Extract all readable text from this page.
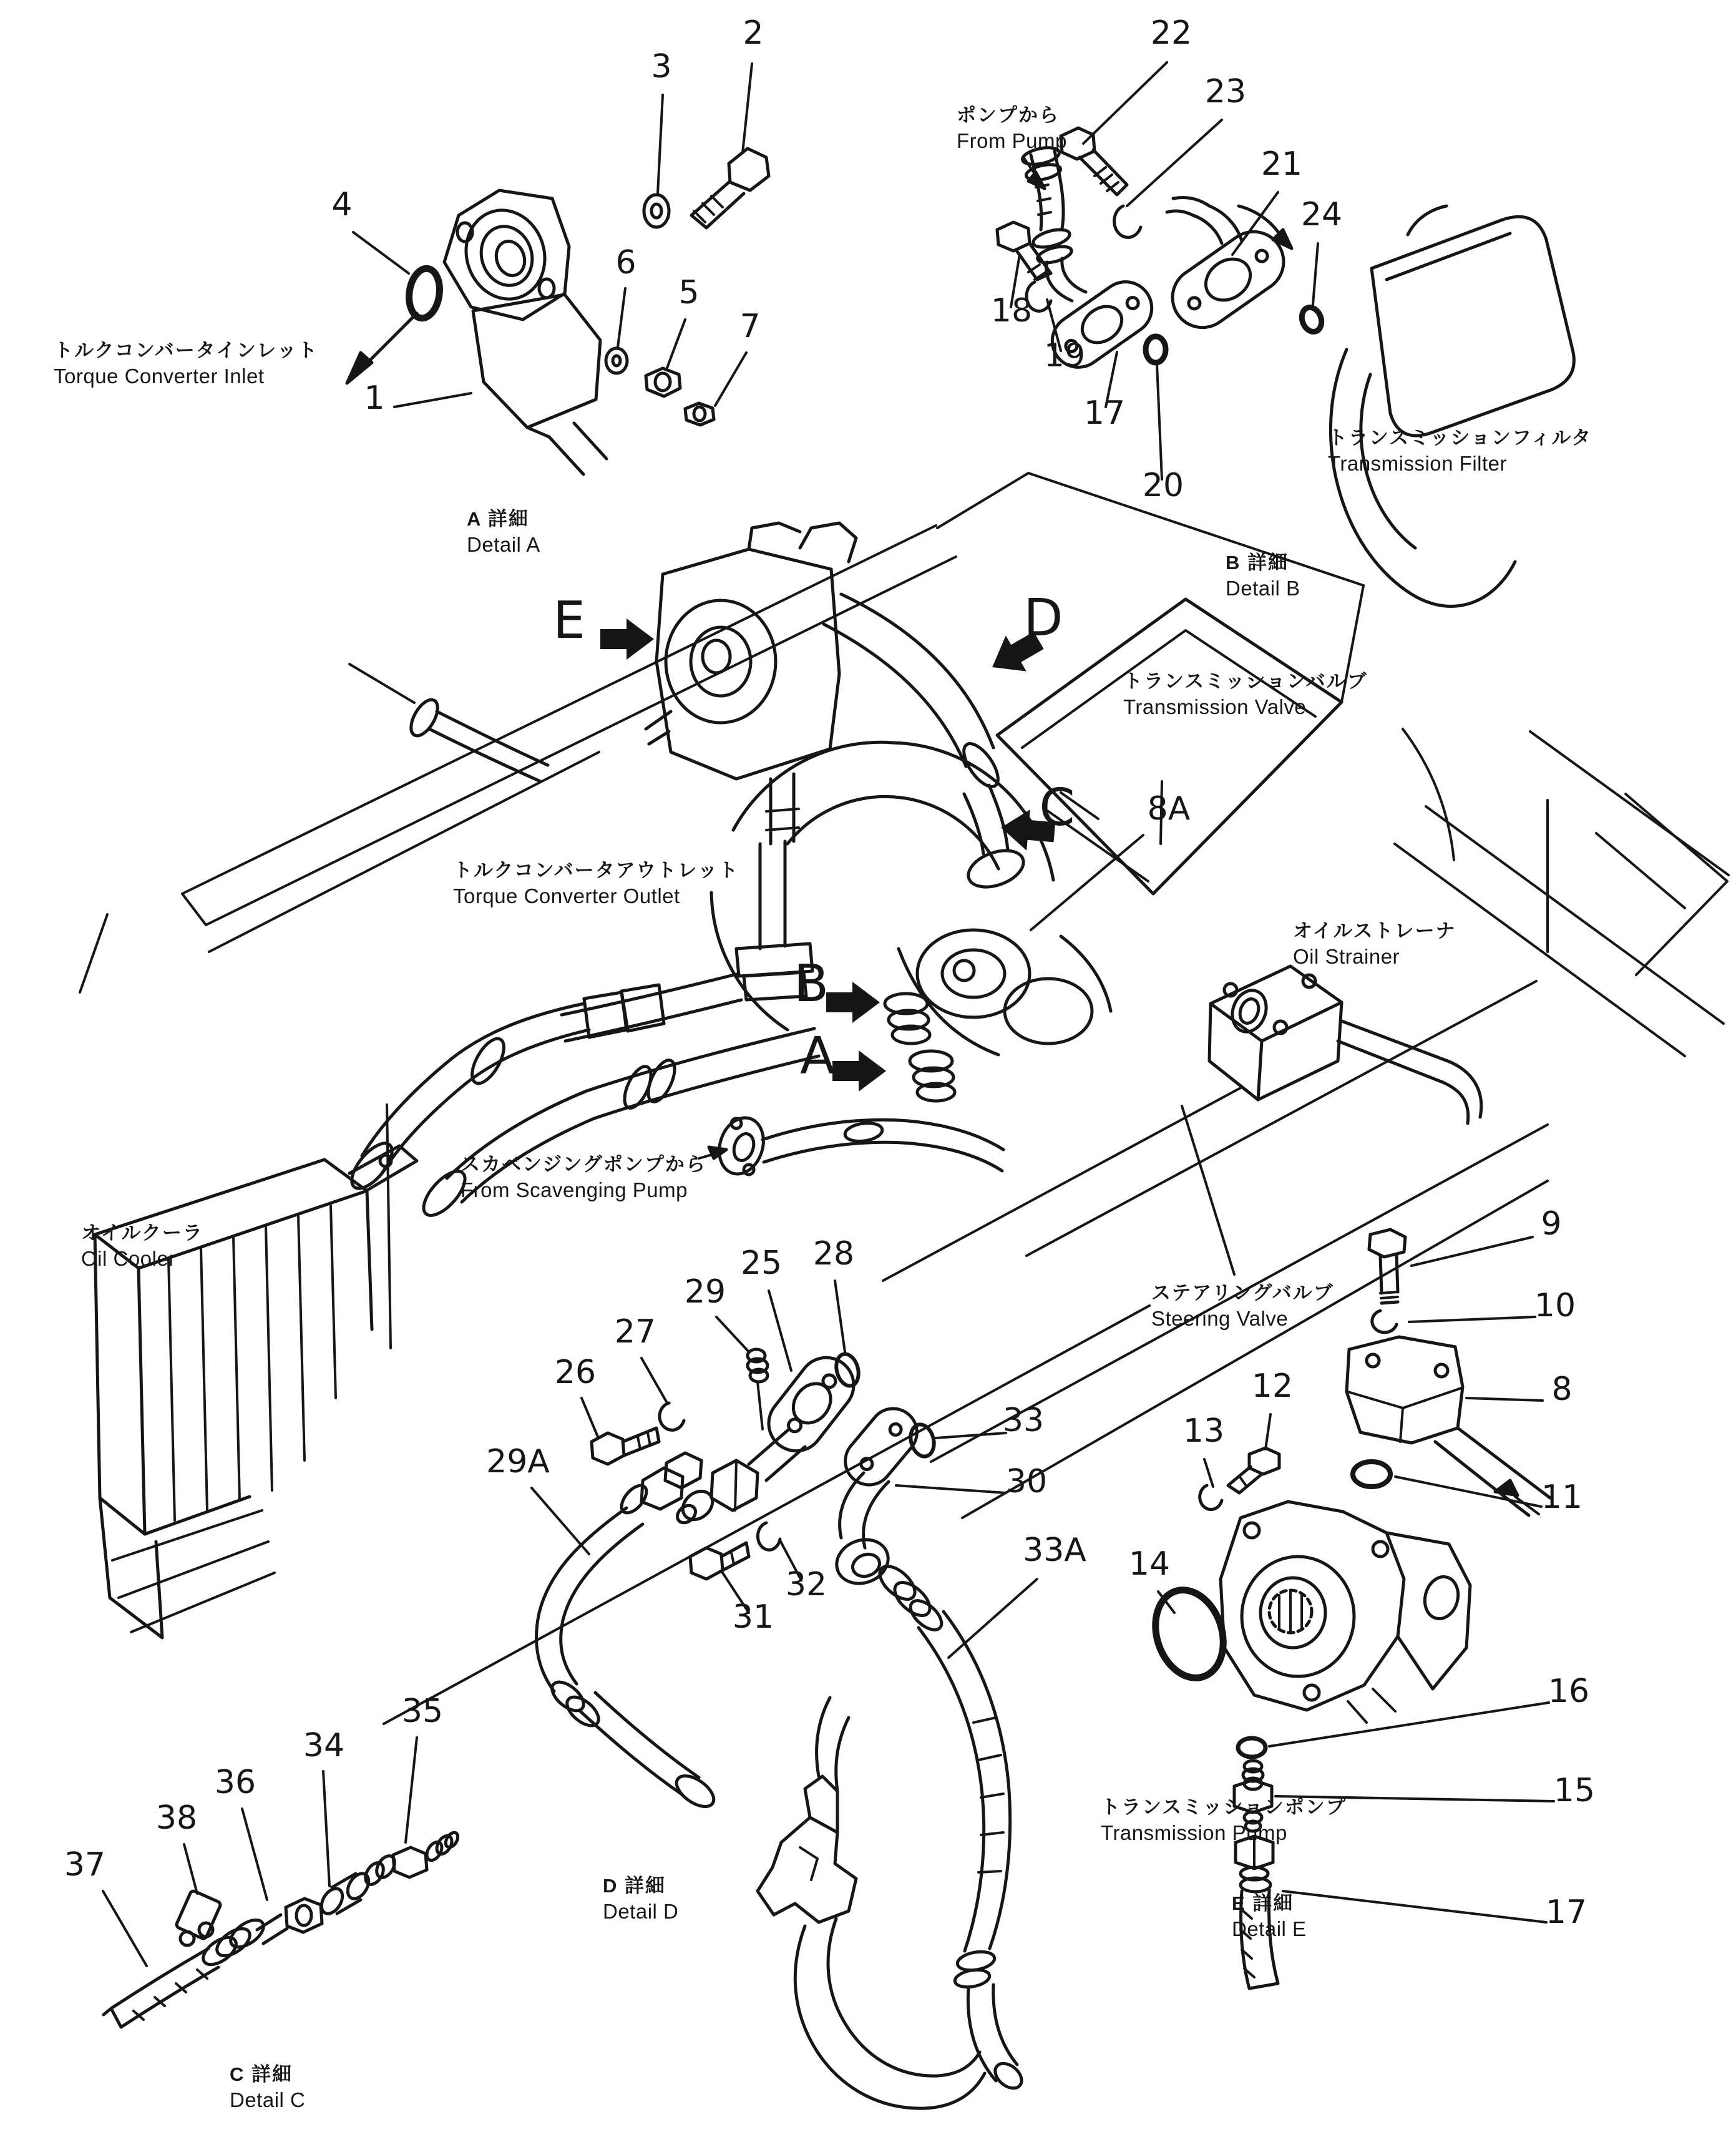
1
2
3
4
5
6
7
8
8A
9
10
11
12
13
14
15
16
17
17
18
19
20
21
22
23
24
25
26
27
28
29
29A
30
31
32
33
33A
34
35
36
37
38
E	D
C
B
A
トルクコンバータインレット
Torque Converter Inlet
A 詳細
Detail A
ポンプから
From Pump
トランスミッションフィルタ
Transmission Filter
B 詳細
Detail B
トランスミッションバルブ
Transmission Valve
トルクコンバータアウトレット
Torque Converter Outlet
オイルストレーナ
Oil Strainer
スカベンジングポンプから
From Scavenging Pump
オイルクーラ
Oil Cooler
ステアリングバルブ
Steering Valve
トランスミッションポンプ
Transmission Pump
D 詳細
Detail D	E 詳細
Detail E
C 詳細
Detail C
